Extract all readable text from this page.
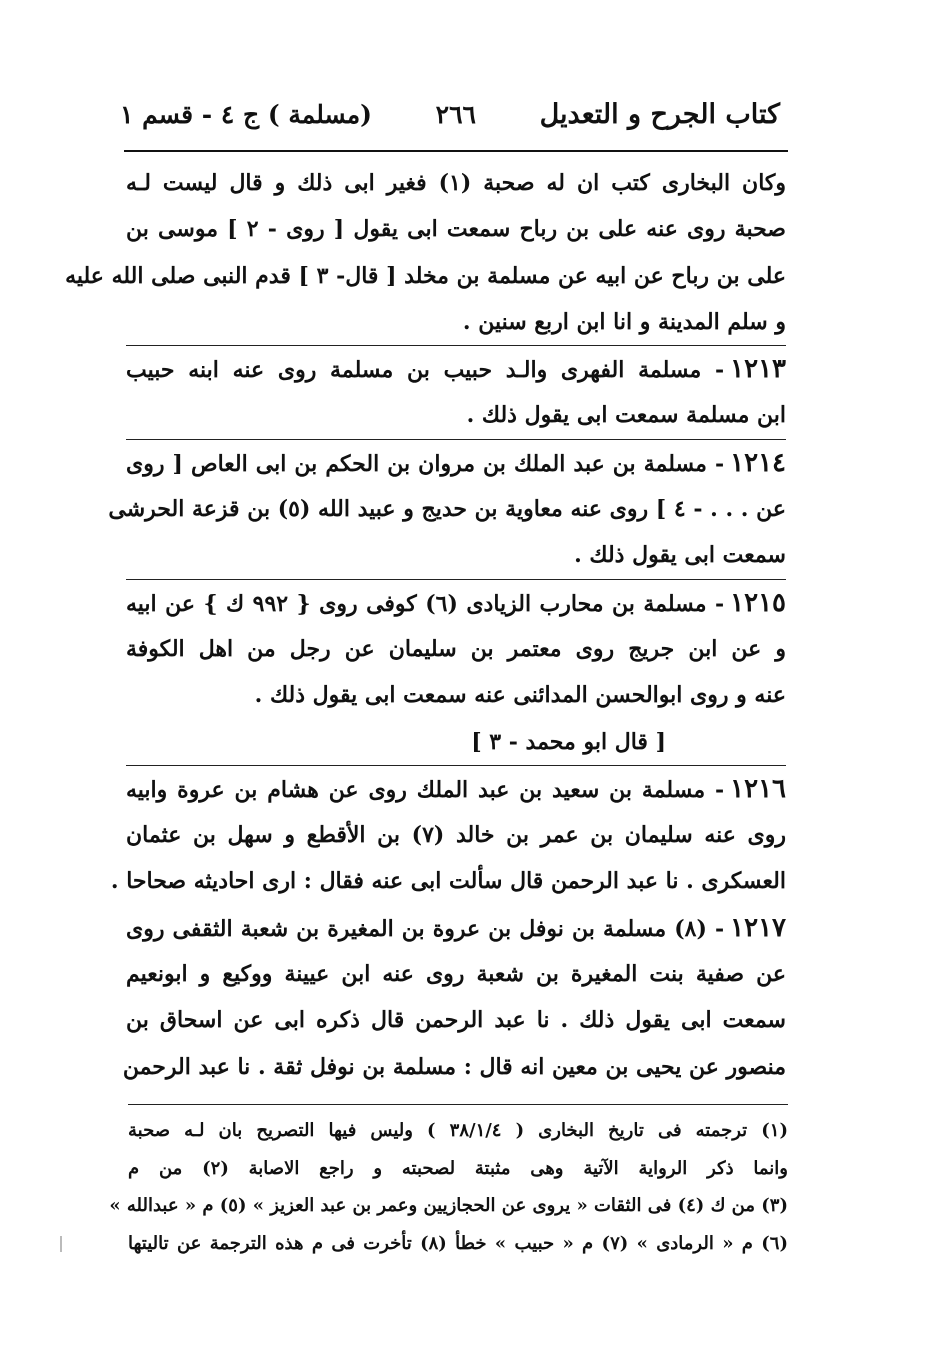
كتاب الجرح و التعديل
٢٦٦
(مسلمة ) ج ٤ - قسم ١
وكان البخارى كتب ان له صحبة (١) فغير ابى ذلك و قال ليست لـه
صحبة روى عنه على بن رباح سمعت ابى يقول [ روى - ٢ ] موسى بن
على بن رباح عن ابيه عن مسلمة بن مخلد [ قال- ٣ ] قدم النبى صلى الله عليه
و سلم المدينة و انا ابن اربع سنين .
١٢١٣- مسلمة الفهرى والـد حبيب بن مسلمة روى عنه ابنه حبيب
ابن مسلمة سمعت ابى يقول ذلك .
١٢١٤- مسلمة بن عبد الملك بن مروان بن الحكم بن ابى العاص [ روى
عن . . . - ٤ ] روى عنه معاوية بن حديج و عبيد الله (٥) بن قزعة الحرشى
سمعت ابى يقول ذلك .
١٢١٥- مسلمة بن محارب الزيادى (٦) كوفى روى { ٩٩٢ ك } عن ابيه
و عن ابن جريج روى معتمر بن سليمان عن رجل من اهل الكوفة
عنه و روى ابوالحسن المدائنى عنه سمعت ابى يقول ذلك .
[ قال ابو محمد - ٣ ]
١٢١٦- مسلمة بن سعيد بن عبد الملك روى عن هشام بن عروة وابيه
روى عنه سليمان بن عمر بن خالد (٧) بن الأقطع و سهل بن عثمان
العسكرى . نا عبد الرحمن قال سألت ابى عنه فقال : ارى احاديثه صحاحا .
١٢١٧- (٨) مسلمة بن نوفل بن عروة بن المغيرة بن شعبة الثقفى روى
عن صفية بنت المغيرة بن شعبة روى عنه ابن عيينة ووكيع و ابونعيم
سمعت ابى يقول ذلك . نا عبد الرحمن قال ذكره ابى عن اسحاق بن
منصور عن يحيى بن معين انه قال : مسلمة بن نوفل ثقة . نا عبد الرحمن
(١) ترجمته فى تاريخ البخارى ( ٣٨/١/٤ ) وليس فيها التصريح بان لـه صحبة
وانما ذكر الرواية الآتية وهى مثبتة لصحبته و راجع الاصابة (٢) من م
(٣) من ك (٤) فى الثقات « يروى عن الحجازيين وعمر بن عبد العزيز » (٥) م « عبدالله »
(٦) م « الرمادى » (٧) م « حبيب » خطأ (٨) تأخرت فى م هذه الترجمة عن تاليتها
